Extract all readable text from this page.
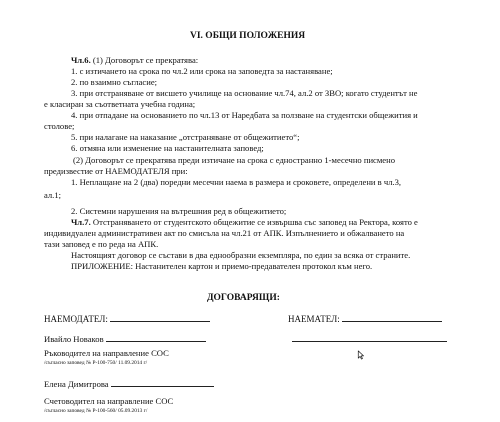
VI. ОБЩИ ПОЛОЖЕНИЯ
Чл.6. (1) Договорът се прекратява:
1. с изтичането на срока по чл.2 или срока на заповедта за настаняване;
2. по взаимно съгласие;
3. при отстраняване от висшето училище на основание чл.74, ал.2 от ЗВО; когато студентът не
е класиран за съответната учебна година;
4. при отпадане на основанието по чл.13 от Наредбата за ползване на студентски общежития и
столове;
5. при налагане на наказание „отстраняване от общежитието“;
6. отмяна или изменение на настанителната заповед;
(2) Договорът се прекратява преди изтичане на срока с едностранно 1-месечно писмено
предизвестие от НАЕМОДАТЕЛЯ при:
1. Неплащане на 2 (два) поредни месечни наема в размера и сроковете, определени в чл.3,
ал.1;
2. Системни нарушения на вътрешния ред в общежитието;
Чл.7. Отстраняването от студентското общежитие се извършва със заповед на Ректора, която е
индивидуален административен акт по смисъла на чл.21 от АПК. Изпълнението и обжалването на
тази заповед е по реда на АПК.
Настоящият договор се състави в два еднообразни екземпляра, по един за всяка от страните.
ПРИЛОЖЕНИЕ: Настанителен картон и приемо-предавателен протокол към него.
ДОГОВАРЯЩИ:
НАЕМОДАТЕЛ:	НАЕМАТЕЛ:
Ивайло Новаков
Ръководител на направление СОС
/съгласно заповед № Р-100-750/ 11.09.2014 г/
Елена Димитрова
Счетоводител на направление СОС
/съгласно заповед № Р-100-560/ 05.09.2013 г/
